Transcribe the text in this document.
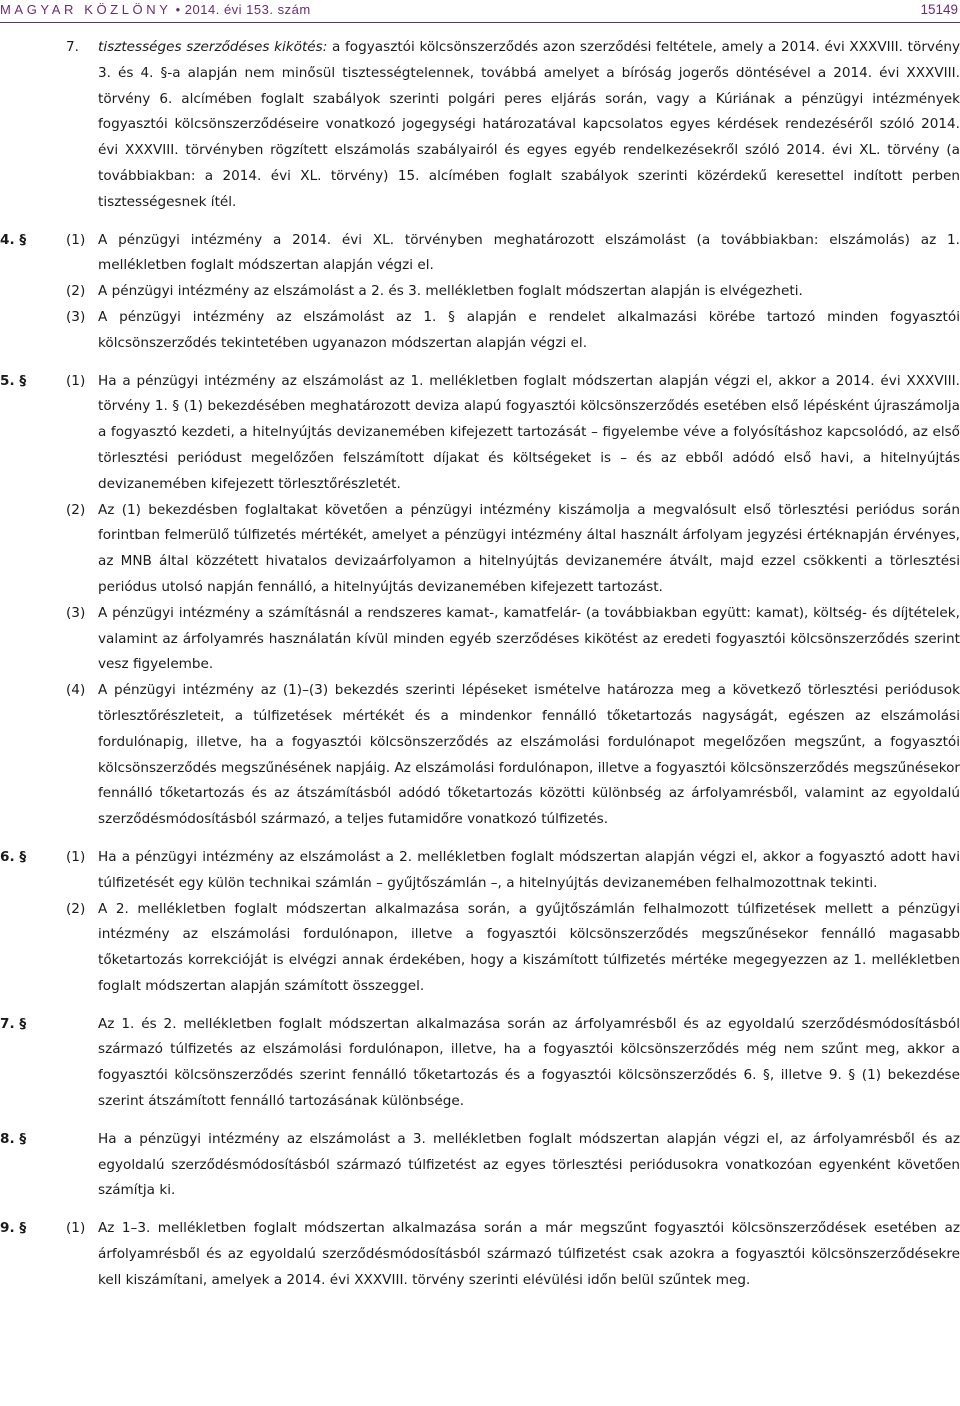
MAGYAR KÖZLÖNY • 2014. évi 153. szám	15149
7.	tisztességes szerződéses kikötés: a fogyasztói kölcsönszerződés azon szerződési feltétele, amely a 2014. évi XXXVIII. törvény 3. és 4. §-a alapján nem minősül tisztességtelennek, továbbá amelyet a bíróság jogerős döntésével a 2014. évi XXXVIII. törvény 6. alcímében foglalt szabályok szerinti polgári peres eljárás során, vagy a Kúriának a pénzügyi intézmények fogyasztói kölcsönszerződéseire vonatkozó jogegységi határozatával kapcsolatos egyes kérdések rendezéséről szóló 2014. évi XXXVIII. törvényben rögzített elszámolás szabályairól és egyes egyéb rendelkezésekről szóló 2014. évi XL. törvény (a továbbiakban: a 2014. évi XL. törvény) 15. alcímében foglalt szabályok szerinti közérdekű keresettel indított perben tisztességesnek ítél.
4. §	(1) A pénzügyi intézmény a 2014. évi XL. törvényben meghatározott elszámolást (a továbbiakban: elszámolás) az 1. mellékletben foglalt módszertan alapján végzi el.
(2) A pénzügyi intézmény az elszámolást a 2. és 3. mellékletben foglalt módszertan alapján is elvégezheti.
(3) A pénzügyi intézmény az elszámolást az 1. § alapján e rendelet alkalmazási körébe tartozó minden fogyasztói kölcsönszerződés tekintetében ugyanazon módszertan alapján végzi el.
5. §	(1) Ha a pénzügyi intézmény az elszámolást az 1. mellékletben foglalt módszertan alapján végzi el, akkor a 2014. évi XXXVIII. törvény 1. § (1) bekezdésében meghatározott deviza alapú fogyasztói kölcsönszerződés esetében első lépésként újraszámolja a fogyasztó kezdeti, a hitelnyújtás devizanemében kifejezett tartozását – figyelembe véve a folyósításhoz kapcsolódó, az első törlesztési periódust megelőzően felszámított díjakat és költségeket is – és az ebből adódó első havi, a hitelnyújtás devizanemében kifejezett törlesztőrészletét.
(2) Az (1) bekezdésben foglaltakat követően a pénzügyi intézmény kiszámolja a megvalósult első törlesztési periódus során forintban felmerülő túlfizetés mértékét, amelyet a pénzügyi intézmény által használt árfolyam jegyzési értéknapján érvényes, az MNB által közzétett hivatalos devizaárfolyamon a hitelnyújtás devizanemére átvált, majd ezzel csökkenti a törlesztési periódus utolsó napján fennálló, a hitelnyújtás devizanemében kifejezett tartozást.
(3) A pénzügyi intézmény a számításnál a rendszeres kamat-, kamatfelár- (a továbbiakban együtt: kamat), költség- és díjtételek, valamint az árfolyamrés használatán kívül minden egyéb szerződéses kikötést az eredeti fogyasztói kölcsönszerződés szerint vesz figyelembe.
(4) A pénzügyi intézmény az (1)–(3) bekezdés szerinti lépéseket ismételve határozza meg a következő törlesztési periódusok törlesztőrészleteit, a túlfizetések mértékét és a mindenkor fennálló tőketartozás nagyságát, egészen az elszámolási fordulónapig, illetve, ha a fogyasztói kölcsönszerződés az elszámolási fordulónapot megelőzően megszűnt, a fogyasztói kölcsönszerződés megszűnésének napjáig. Az elszámolási fordulónapon, illetve a fogyasztói kölcsönszerződés megszűnésekor fennálló tőketartozás és az átszámításból adódó tőketartozás közötti különbség az árfolyamrésből, valamint az egyoldalú szerződésmódosításból származó, a teljes futamidőre vonatkozó túlfizetés.
6. §	(1) Ha a pénzügyi intézmény az elszámolást a 2. mellékletben foglalt módszertan alapján végzi el, akkor a fogyasztó adott havi túlfizetését egy külön technikai számlán – gyűjtőszámlán –, a hitelnyújtás devizanemében felhalmozottnak tekinti.
(2) A 2. mellékletben foglalt módszertan alkalmazása során, a gyűjtőszámlán felhalmozott túlfizetések mellett a pénzügyi intézmény az elszámolási fordulónapon, illetve a fogyasztói kölcsönszerződés megszűnésekor fennálló magasabb tőketartozás korrekcióját is elvégzi annak érdekében, hogy a kiszámított túlfizetés mértéke megegyezzen az 1. mellékletben foglalt módszertan alapján számított összeggel.
7. §	Az 1. és 2. mellékletben foglalt módszertan alkalmazása során az árfolyamrésből és az egyoldalú szerződésmódosításból származó túlfizetés az elszámolási fordulónapon, illetve, ha a fogyasztói kölcsönszerződés még nem szűnt meg, akkor a fogyasztói kölcsönszerződés szerint fennálló tőketartozás és a fogyasztói kölcsönszerződés 6. §, illetve 9. § (1) bekezdése szerint átszámított fennálló tartozásának különbsége.
8. §	Ha a pénzügyi intézmény az elszámolást a 3. mellékletben foglalt módszertan alapján végzi el, az árfolyamrésből és az egyoldalú szerződésmódosításból származó túlfizetést az egyes törlesztési periódusokra vonatkozóan egyenként követően számítja ki.
9. §	(1) Az 1–3. mellékletben foglalt módszertan alkalmazása során a már megszűnt fogyasztói kölcsönszerződések esetében az árfolyamrésből és az egyoldalú szerződésmódosításból származó túlfizetést csak azokra a fogyasztói kölcsönszerződésekre kell kiszámítani, amelyek a 2014. évi XXXVIII. törvény szerinti elévülési időn belül szűntek meg.
